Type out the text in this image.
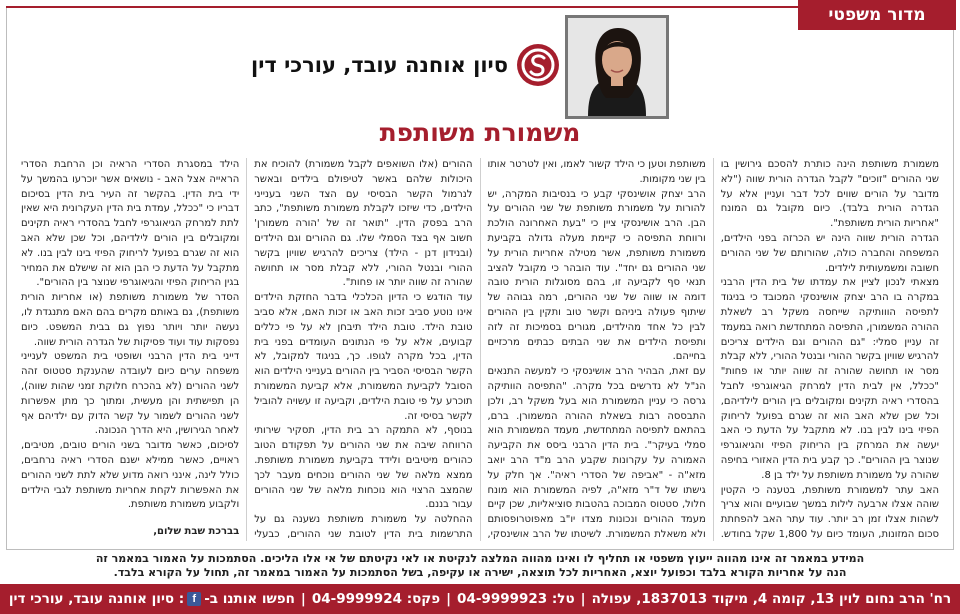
מדור משפטי
סיון אוחנה עובד, עורכי דין
משמורת משותפת

משמורת משותפת הינה כותרת להסכם גירושין בו שני ההורים "זוכים" לקבל הגדרה הורית שווה ("לא מדובר על הורים שווים לכל דבר ועניין אלא על הגדרה הורית בלבד). כיום מקובל גם המונח "אחריות הורית משותפת".

הגדרה הורית שווה הינה יש הכרזה בפני הילדים, המשפחה והחברה כולה, שהורותם של שני ההורים חשובה ומשמעותית לילדים.

מצאתי לנכון לציין את עמדתו של בית הדין הרבני במקרה בו הרב יצחק אושינסקי המכובד כי בניגוד לתפיסה הווותיקה שייחסה משקל רב לשאלת ההורה המשמורן, התפיסה המתחדשת רואה במעמד זה עניין סמלי: "גם ההורים וגם הילדים צריכים להרגיש שוויון בקשר ההורי ובנטל ההורי, ללא קבלת מסר או תחושה שהורה זה שווה יותר או פחות" "ככלל, אין לבית הדין למרחק הגיאוגרפי לחבל בהסדרי ראיה תקינים ומקובלים בין הורים לילדיהם, וכל שכן שלא האב הוא זה שגרם בפועל לריחוק הפיזי בינו לבין בנו. לא מתקבל על הדעת כי האב יעשה את המרחק בין הריחוק הפיזי והגיאוגרפי שנוצר בין ההורים". כך קבע בית הדין האזורי בחיפה שהורה על משמורת משותפת על ילד בן 8.

האב עתר למשמורת משותפת, בטענה כי הקטין שוהה אצלו ארבעה לילות במשך שבועיים והוא צריך לשהות אצלו זמן רב יותר. עוד עתר האב להפחתת סכום המזונות, העומד כיום על 1,800 שקל בחודש.

משותפת וטען כי הילד קשור לאמו, ואין לטרטר אותו בין שני מקומות.

הרב יצחק אושינסקי קבע כי בנסיבות המקרה, יש להורות על משמורת משותפת של שני ההורים על הבן. הרב אושינסקי ציין כי "בעת האחרונה הולכת ורווחת התפיסה כי קיימת מעלה גדולה בקביעת משמורת משותפת, אשר מטילה אחריות הורית על שני ההורים גם יחד". עוד הובהר כי מקובל להציב תנאי סף לקביעה זו, בהם מסוגלות הורית טובה דומה או שווה של שני ההורים, רמה גבוהה של שיתוף פעולה ביניהם וקשר טוב ותקין בין ההורים לבין כל אחד מהילדים, מגורים בסמיכות זה לזה ותפיסת הילדים את שני הבתים כבתים מרכזיים בחייהם.

עם זאת, הבהיר הרב אושינסקי כי למעשה התנאים הנ"ל לא נדרשים בכל מקרה. "התפיסה הוותיקה גרסה כי עניין המשמורת הוא בעל משקל רב, ולכן התבססה רבות בשאלת ההורה המשמורן. ברם, בהתאם לתפיסה המתחדשת, מעמד המשמורת הוא סמלי בעיקר". בית הדין הרבני ביסס את הקביעה האמורה על עקרונות שקבע הרב מ"ד הרב יואב מזא"ה - "אביפה של הסדרי ראיה". אך חלק על גישתו של ד"ר מזא"ה, לפיה המשמורת הוא מונח חלול, סטטוס המבוכה בהטבות סוציאליות, שכן קיים מעמד ההורים ונכונות מצדו יו"ב מאפוטרופסותם ולא משאלת המשמורת. לשיטתו של הרב אושינסקי,

ההורים (אלו השואפים לקבל משמורת) להוכיח את היכולות שלהם באשר לטיפולם בילדים ובאשר לנרמול הקשר הבסיסי עם הצד השני בענייני הילדים, כדי שיזכו לקבלת משמורת משותפת", כתב הרב בפסק הדין. "תואר זה של 'הורה משמורן' חשוב אף בצד הסמלי שלו. גם ההורים וגם הילדים (ובנידון דנן - הילד) צריכים להרגיש שוויון בקשר ההורי ובנטל ההורי, ללא קבלת מסר או תחושה שהורה זה שווה יותר או פחות".

עוד הודגש כי הדיון הכלכלי בדבר החזקת הילדים אינו נוטע סביב זכות האב או זכות האם, אלא סביב טובת הילד. טובת הילד תיבחן לא על פי כללים קבועים, אלא על פי הנתונים העומדים בפני בית הדין, בכל מקרה לגופו. כך, בניגוד למקובל, לא הקשר הבסיסי הסביר בין ההורים בענייני הילדים הוא הסובל לקביעת המשמורת, אלא קביעת המשמורת תוכרע על פי טובת הילדים, וקביעה זו עשויה להוביל לקשר בסיסי זה.

בנוסף, לא התמקה רב בית הדין, תסקיר שירותי הרווחה שיבה את שני ההורים על תפקודם הטוב כהורים מיטיבים ולידד בקביעת משמורת משותפת. ממצא מלאה של שני ההורים נוכחים מעבר לכך שהמצב הרצוי הוא נוכחות מלאה של שני ההורים עבור בננם.

ההחלטה על משמורת משותפת נשענה גם על התרשמות בית הדין לטובת שני ההורים, כבעלי

הילד במסגרת הסדרי הראיה וכן הרחבת הסדרי הראייה אצל האב - נושאים אשר יוכרעו בהמשך על ידי בית הדין. בהקשר זה העיר בית הדין בסיכום דבריו כי "ככלל, עמדת בית הדין העקרונית היא שאין לתת למרחק הגיאוגרפי לחבל בהסדרי ראיה תקינים ומקובלים בין הורים לילדיהם, וכל שכן שלא האב הוא זה שגרם בפועל לריחוק הפיזי בינו לבין בנו. לא מתקבל על הדעת כי הבן הוא זה שישלם את המחיר בגין הריחוק הפיזי והגיאוגרפי שנוצר בין ההורים".

הסדר של משמורת משותפת (או אחריות הורית משותפת), גם באותם מקרים בהם האם מתנגדת לו, נעשה יותר ויותר נפוץ גם בבית המשפט. כיום נפסקות עוד ועוד פסיקות של הגדרה הורית שווה.

דייני בית הדין הרבני ושופטי בית המשפט לענייני משפחה ערים כיום לעובדה שהענקת סטטוס זהה לשני ההורים (לא בהכרח חלוקת זמני שהות שווה), הן תפישתית והן מעשית, ומתוך כך מתן אפשרות לשני ההורים לשמור על קשר הדוק עם ילדיהם אף לאחר הגירושין, היא הדרך הנכונה.

לסיכום, כאשר מדובר בשני הורים טובים, מטיבים, ראויים, כאשר ממילא ישנם הסדרי ראיה נרחבים, כולל לינה, אינני רואה מדוע שלא לתת לשני ההורים את האפשרות לקחת אחריות משותפת לגבי הילדים ולקבוע משמורת משותפת.

בברכת שבת שלום,
המידע במאמר זה אינו מהווה ייעוץ משפטי או תחליף לו ואינו מהווה המלצה לנקיטת או לאי נקיטתם של אי אלו הליכים. הסתמכות על האמור במאמר זה
הנה על אחריות הקורא בלבד וכפועל יוצא, האחריות לכל תוצאה, ישירה או עקיפה, בשל הסתמכות על האמור במאמר זה, תחול על הקורא בלבד.
רח' הרב נחום לוין 13, קומה 4, מיקוד 1837013, עפולה
|
טל: 04-9999923
|
פקס: 04-9999924
|
חפשו אותנו ב-
f
: סיון אוחנה עובד, עורכי דין
